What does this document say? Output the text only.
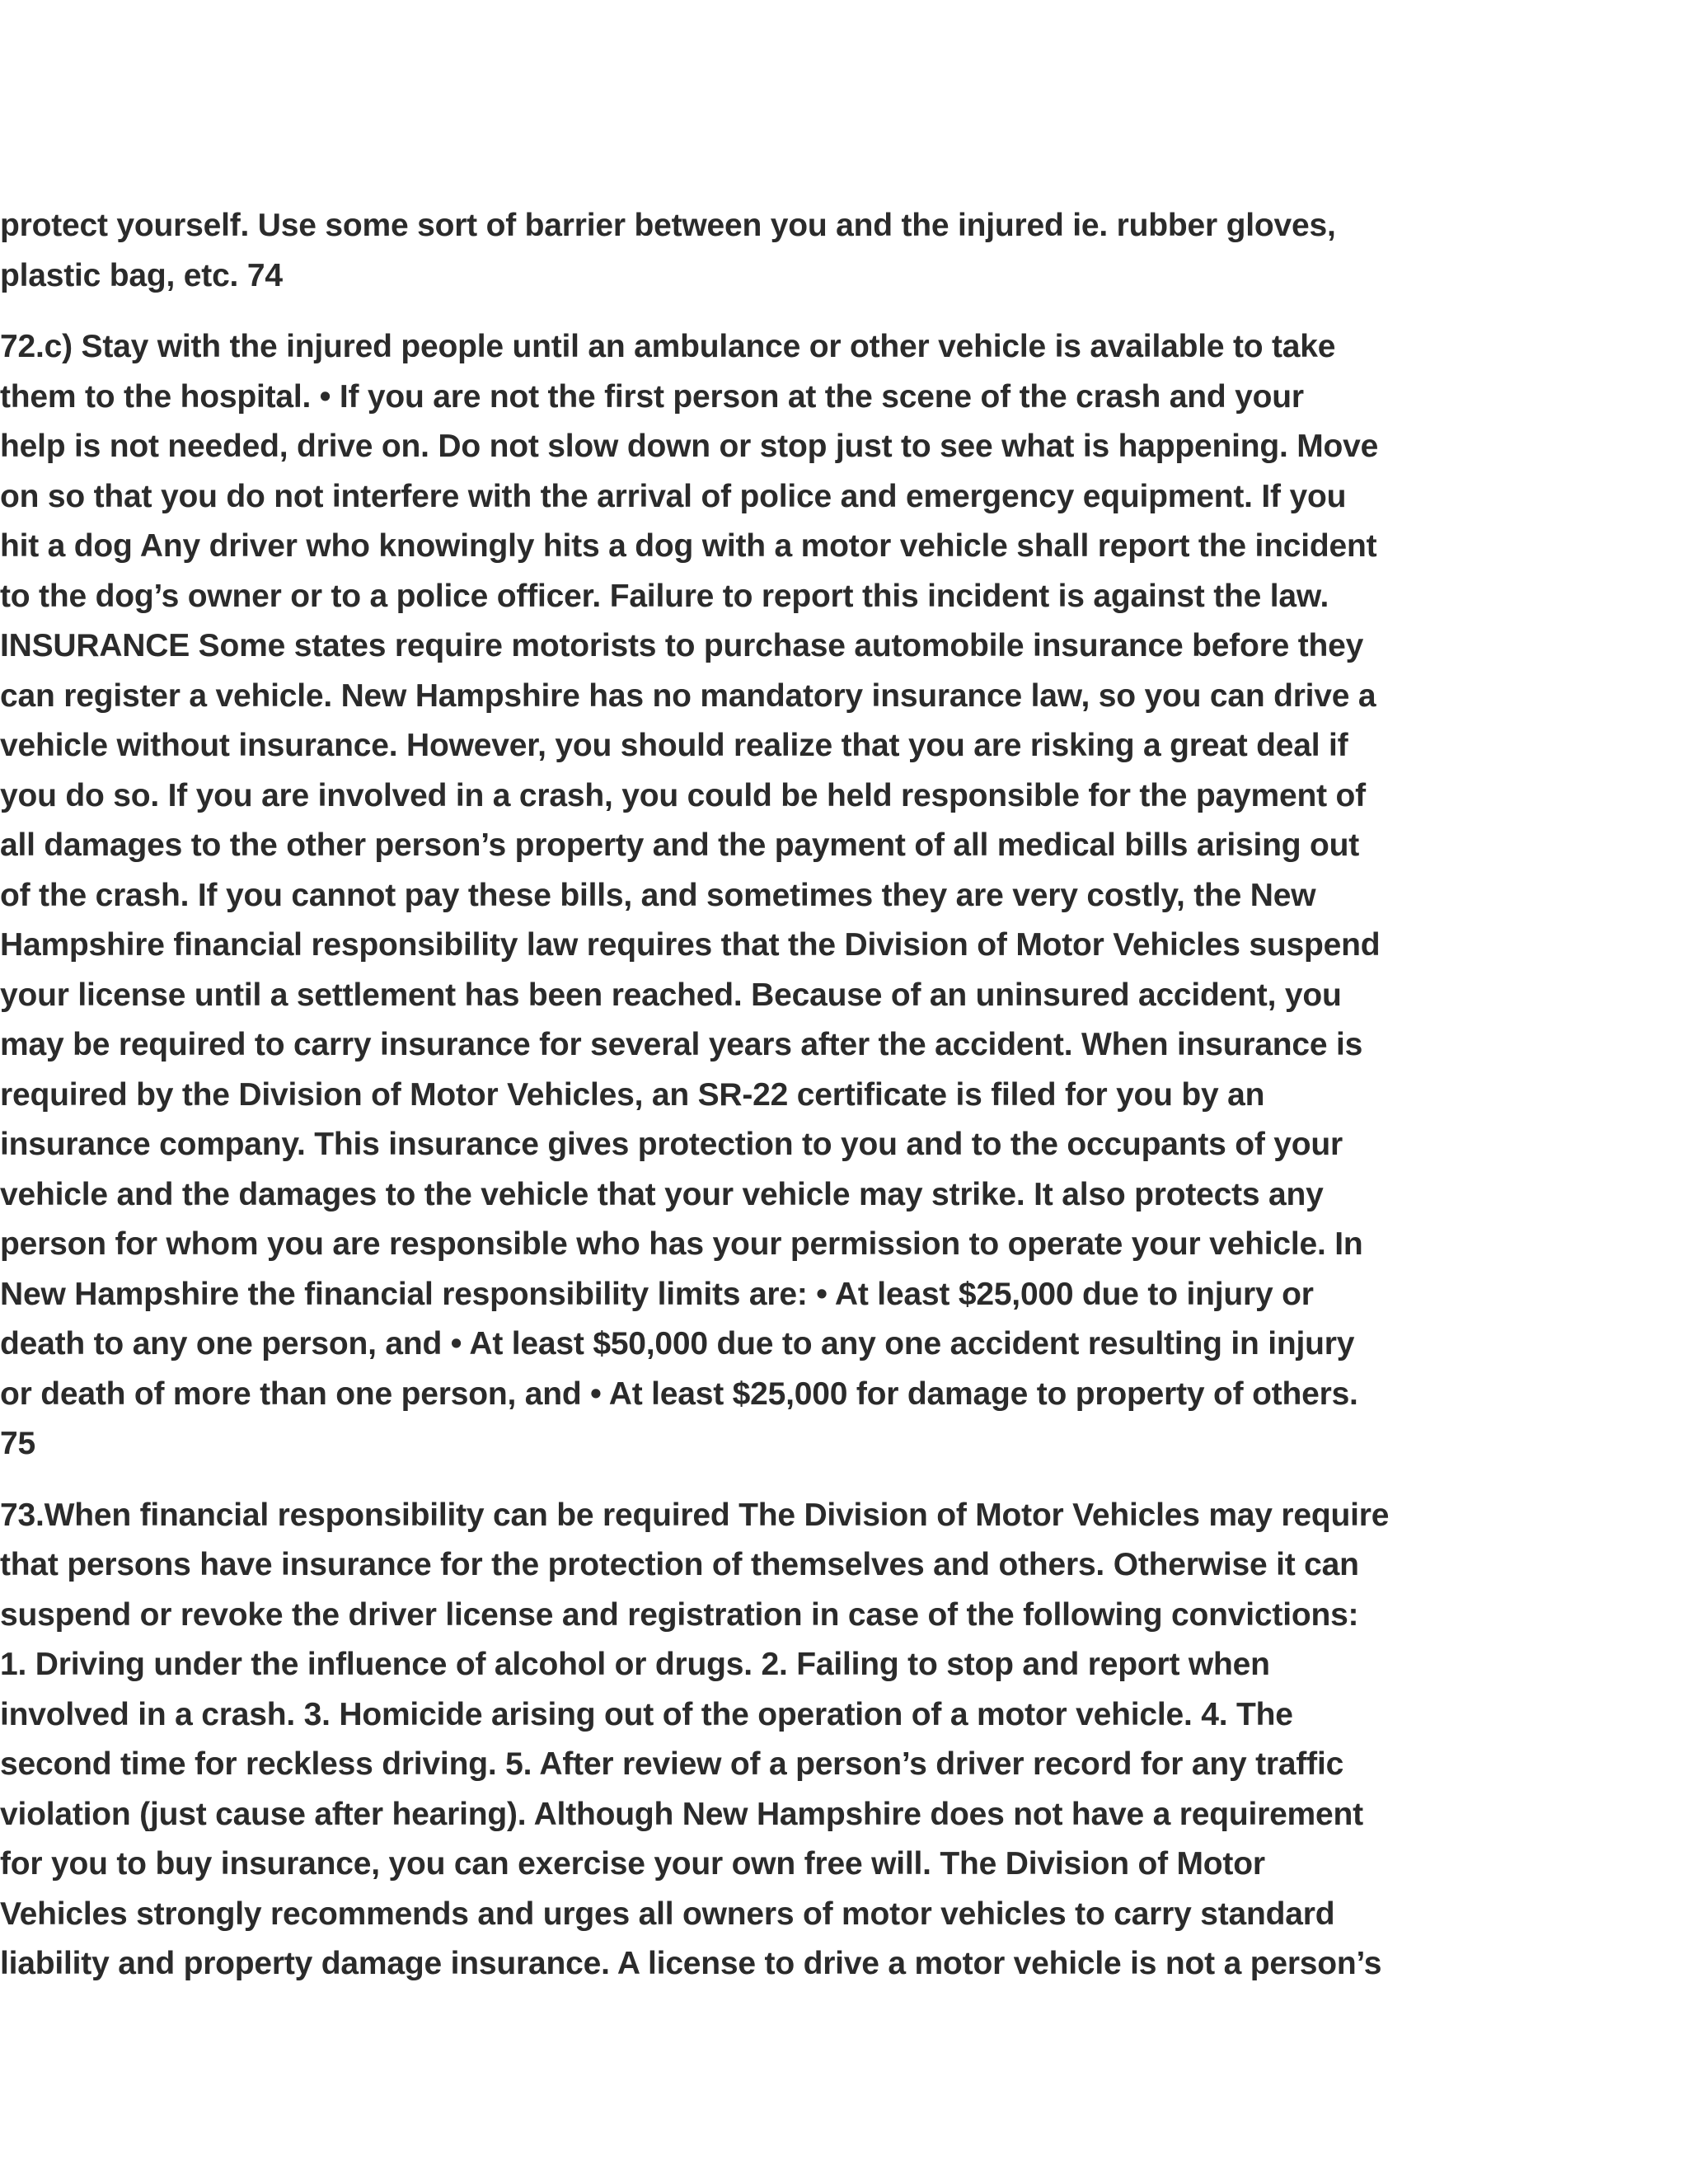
protect yourself. Use some sort of barrier between you and the injured ie. rubber gloves,
plastic bag, etc. 74

72.c) Stay with the injured people until an ambulance or other vehicle is available to take
them to the hospital. • If you are not the first person at the scene of the crash and your
help is not needed, drive on. Do not slow down or stop just to see what is happening. Move
on so that you do not interfere with the arrival of police and emergency equipment. If you
hit a dog Any driver who knowingly hits a dog with a motor vehicle shall report the incident
to the dog’s owner or to a police officer. Failure to report this incident is against the law.
INSURANCE Some states require motorists to purchase automobile insurance before they
can register a vehicle. New Hampshire has no mandatory insurance law, so you can drive a
vehicle without insurance. However, you should realize that you are risking a great deal if
you do so. If you are involved in a crash, you could be held responsible for the payment of
all damages to the other person’s property and the payment of all medical bills arising out
of the crash. If you cannot pay these bills, and sometimes they are very costly, the New
Hampshire financial responsibility law requires that the Division of Motor Vehicles suspend
your license until a settlement has been reached. Because of an uninsured accident, you
may be required to carry insurance for several years after the accident. When insurance is
required by the Division of Motor Vehicles, an SR-22 certificate is filed for you by an
insurance company. This insurance gives protection to you and to the occupants of your
vehicle and the damages to the vehicle that your vehicle may strike. It also protects any
person for whom you are responsible who has your permission to operate your vehicle. In
New Hampshire the financial responsibility limits are: • At least $25,000 due to injury or
death to any one person, and • At least $50,000 due to any one accident resulting in injury
or death of more than one person, and • At least $25,000 for damage to property of others.
75

73.When financial responsibility can be required The Division of Motor Vehicles may require
that persons have insurance for the protection of themselves and others. Otherwise it can
suspend or revoke the driver license and registration in case of the following convictions:
1. Driving under the influence of alcohol or drugs. 2. Failing to stop and report when
involved in a crash. 3. Homicide arising out of the operation of a motor vehicle. 4. The
second time for reckless driving. 5. After review of a person’s driver record for any traffic
violation (just cause after hearing). Although New Hampshire does not have a requirement
for you to buy insurance, you can exercise your own free will. The Division of Motor
Vehicles strongly recommends and urges all owners of motor vehicles to carry standard
liability and property damage insurance. A license to drive a motor vehicle is not a person’s
